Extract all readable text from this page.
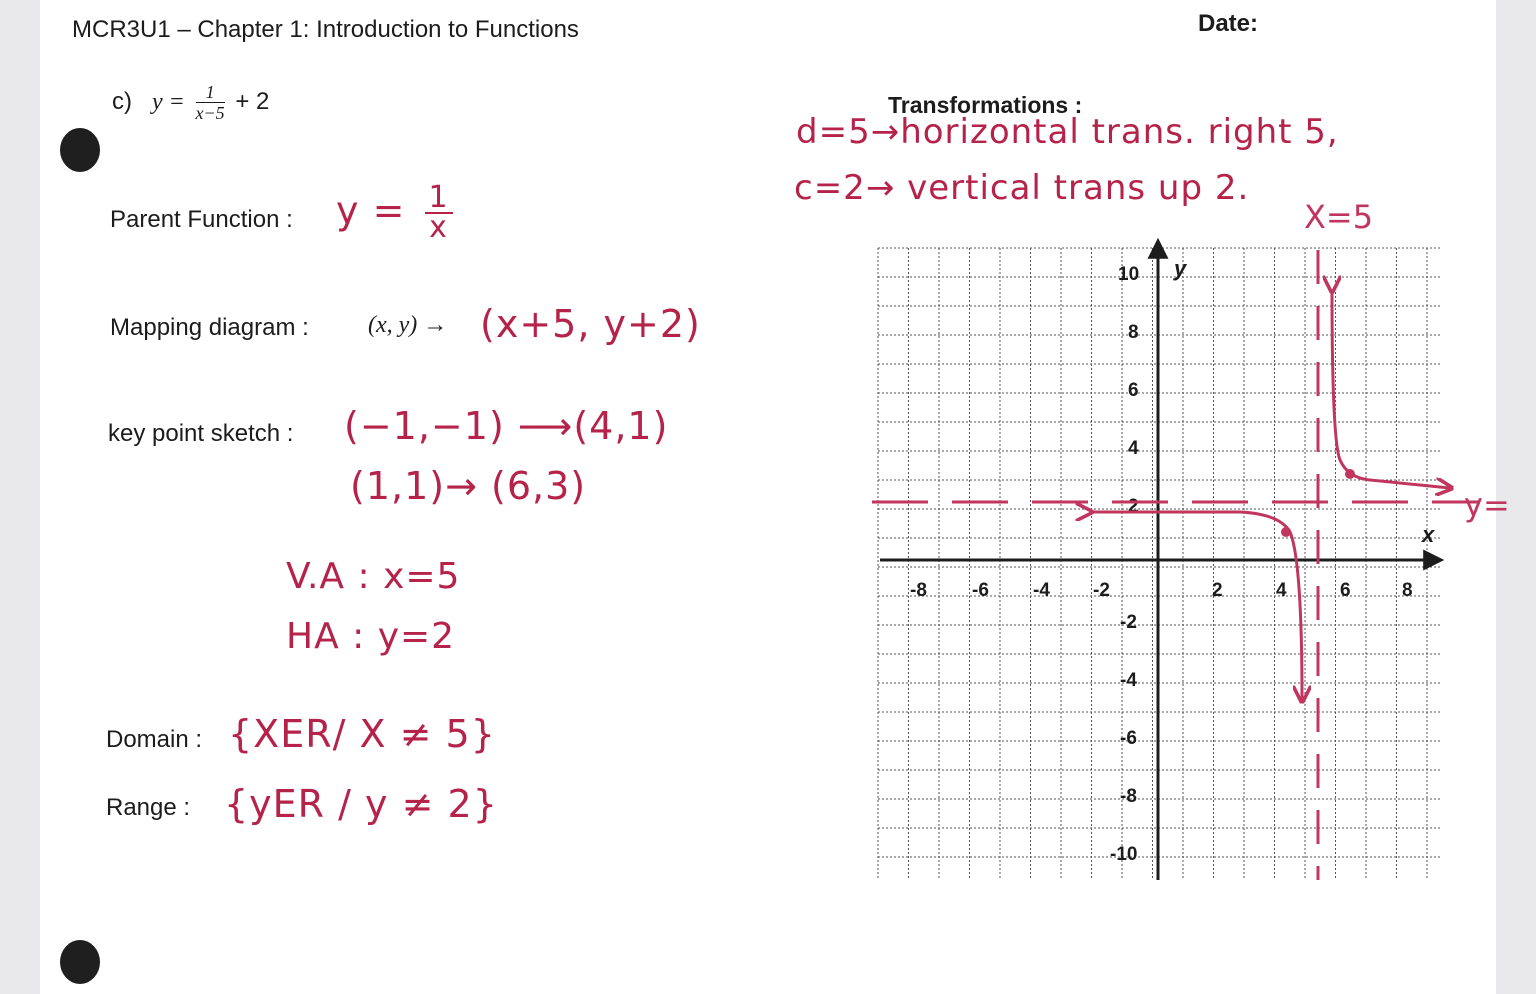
MCR3U1 – Chapter 1: Introduction to Functions	Date:
c) $y = \frac{1}{x-5} + 2$
Parent Function : $y = \frac{1}{x}$
Mapping diagram : (x, y) → (x+5, y+2)
key point sketch : (−1,−1) ⟶(4,1)
(1,1)→ (6,3)
V.A : x=5
HA : y=2
Domain : {XER/ X ≠ 5}
Range : {yER / y ≠ 2}
Transformations :
d=5→horizontal trans. right 5,
c=2→ vertical trans up 2.
x
y
-8 -6 -4 -2	2	4	6	8
10
8
6
4
2
-2
-4
-6
-8
-10
X=5
y=
